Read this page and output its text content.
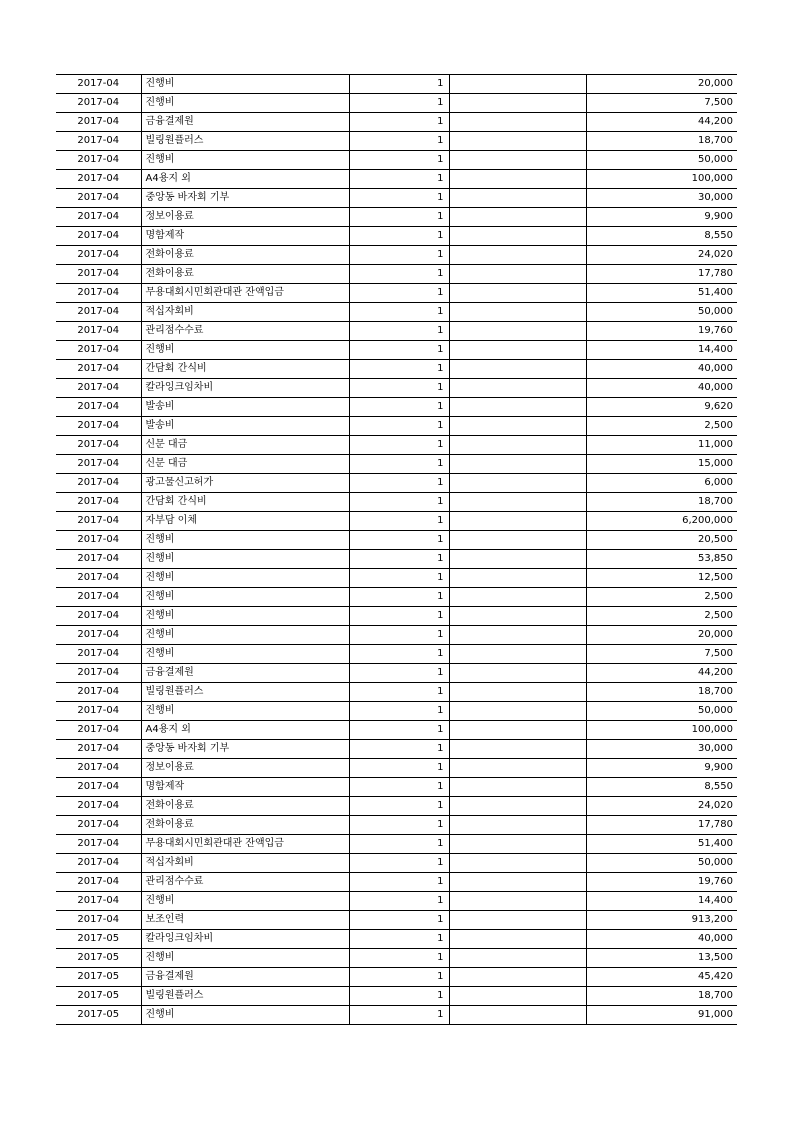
2017-04	진행비	1		20,000
2017-04	진행비	1		7,500
2017-04	금융결제원	1		44,200
2017-04	빌링원플러스	1		18,700
2017-04	진행비	1		50,000
2017-04	A4용지 외	1		100,000
2017-04	중앙동 바자회 기부	1		30,000
2017-04	정보이용료	1		9,900
2017-04	명함제작	1		8,550
2017-04	전화이용료	1		24,020
2017-04	전화이용료	1		17,780
2017-04	무용대회시민회관대관 잔액입금	1		51,400
2017-04	적십자회비	1		50,000
2017-04	관리점수수료	1		19,760
2017-04	진행비	1		14,400
2017-04	간담회 간식비	1		40,000
2017-04	칼라잉크임차비	1		40,000
2017-04	발송비	1		9,620
2017-04	발송비	1		2,500
2017-04	신문 대금	1		11,000
2017-04	신문 대금	1		15,000
2017-04	광고물신고허가	1		6,000
2017-04	간담회 간식비	1		18,700
2017-04	자부담 이체	1		6,200,000
2017-04	진행비	1		20,500
2017-04	진행비	1		53,850
2017-04	진행비	1		12,500
2017-04	진행비	1		2,500
2017-04	진행비	1		2,500
2017-04	진행비	1		20,000
2017-04	진행비	1		7,500
2017-04	금융결제원	1		44,200
2017-04	빌링원플러스	1		18,700
2017-04	진행비	1		50,000
2017-04	A4용지 외	1		100,000
2017-04	중앙동 바자회 기부	1		30,000
2017-04	정보이용료	1		9,900
2017-04	명함제작	1		8,550
2017-04	전화이용료	1		24,020
2017-04	전화이용료	1		17,780
2017-04	무용대회시민회관대관 잔액입금	1		51,400
2017-04	적십자회비	1		50,000
2017-04	관리점수수료	1		19,760
2017-04	진행비	1		14,400
2017-04	보조인력	1		913,200
2017-05	칼라잉크임차비	1		40,000
2017-05	진행비	1		13,500
2017-05	금융결제원	1		45,420
2017-05	빌링원플러스	1		18,700
2017-05	진행비	1		91,000
